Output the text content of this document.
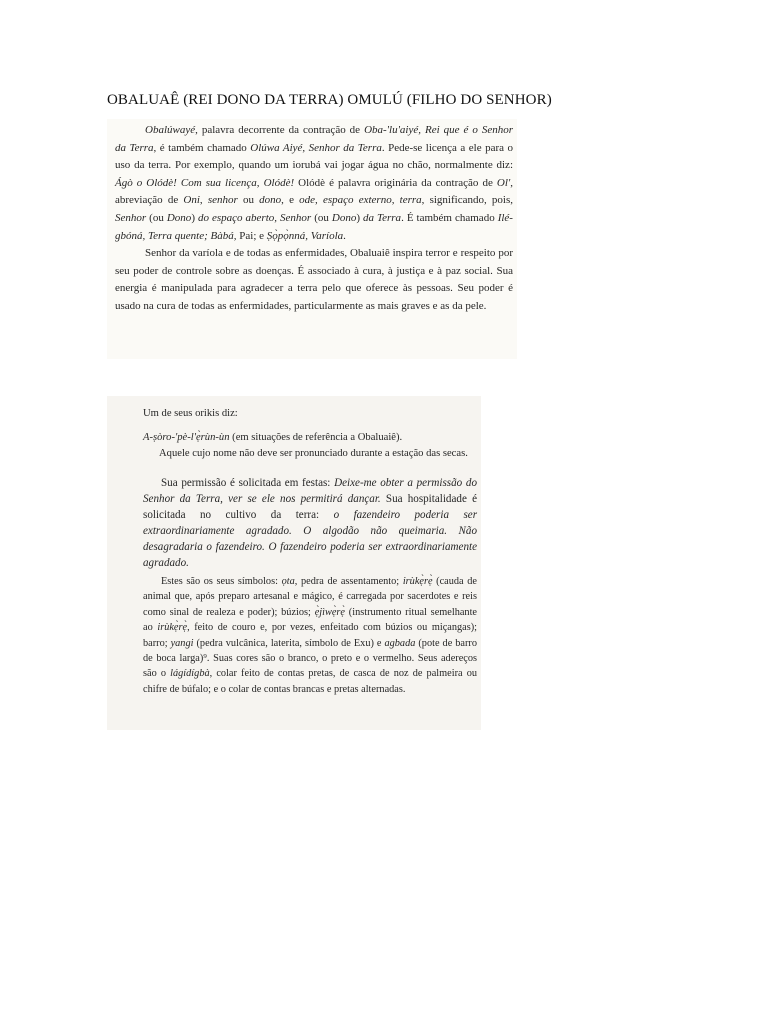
OBALUAÊ (REI DONO DA TERRA) OMULÚ (FILHO DO SENHOR)

Obalúwayé, palavra decorrente da contração de Oba-'lu'aiyé, Rei que é o Senhor da Terra, é também chamado Olúwa Aiyé, Senhor da Terra. Pede-se licença a ele para o uso da terra. Por exemplo, quando um iorubá vai jogar água no chão, normalmente diz: Ágò o Olódè! Com sua licença, Olódè! Olódè é palavra originária da contração de Ol', abreviação de Oni, senhor ou dono, e ode, espaço externo, terra, significando, pois, Senhor (ou Dono) do espaço aberto, Senhor (ou Dono) da Terra. É também chamado Ilé-gbóná, Terra quente; Bàbá, Pai; e Ṣọ̀pọ̀nná, Varíola.

Senhor da varíola e de todas as enfermidades, Obaluaiê inspira terror e respeito por seu poder de controle sobre as doenças. É associado à cura, à justiça e à paz social. Sua energia é manipulada para agradecer a terra pelo que oferece às pessoas. Seu poder é usado na cura de todas as enfermidades, particularmente as mais graves e as da pele.

Um de seus orikis diz:

A-ṣòro-'pè-l'ẹ̀rùn-ùn (em situações de referência a Obaluaiê).

Aquele cujo nome não deve ser pronunciado durante a estação das secas.

Sua permissão é solicitada em festas: Deixe-me obter a permissão do Senhor da Terra, ver se ele nos permitirá dançar. Sua hospitalidade é solicitada no cultivo da terra: o fazendeiro poderia ser extraordinariamente agradado. O algodão não queimaria. Não desagradaria o fazendeiro. O fazendeiro poderia ser extraordinariamente agradado.

Estes são os seus símbolos: ọta, pedra de assentamento; irùkẹ̀rẹ̀ (cauda de animal que, após preparo artesanal e mágico, é carregada por sacerdotes e reis como sinal de realeza e poder); búzios; ẹ̀jìwẹ̀rẹ̀ (instrumento ritual semelhante ao irùkẹ̀rẹ̀, feito de couro e, por vezes, enfeitado com búzios ou miçangas); barro; yangi (pedra vulcânica, laterita, símbolo de Exu) e agbada (pote de barro de boca larga)⁹. Suas cores são o branco, o preto e o vermelho. Seus adereços são o lágídígbà, colar feito de contas pretas, de casca de noz de palmeira ou chifre de búfalo; e o colar de contas brancas e pretas alternadas.
